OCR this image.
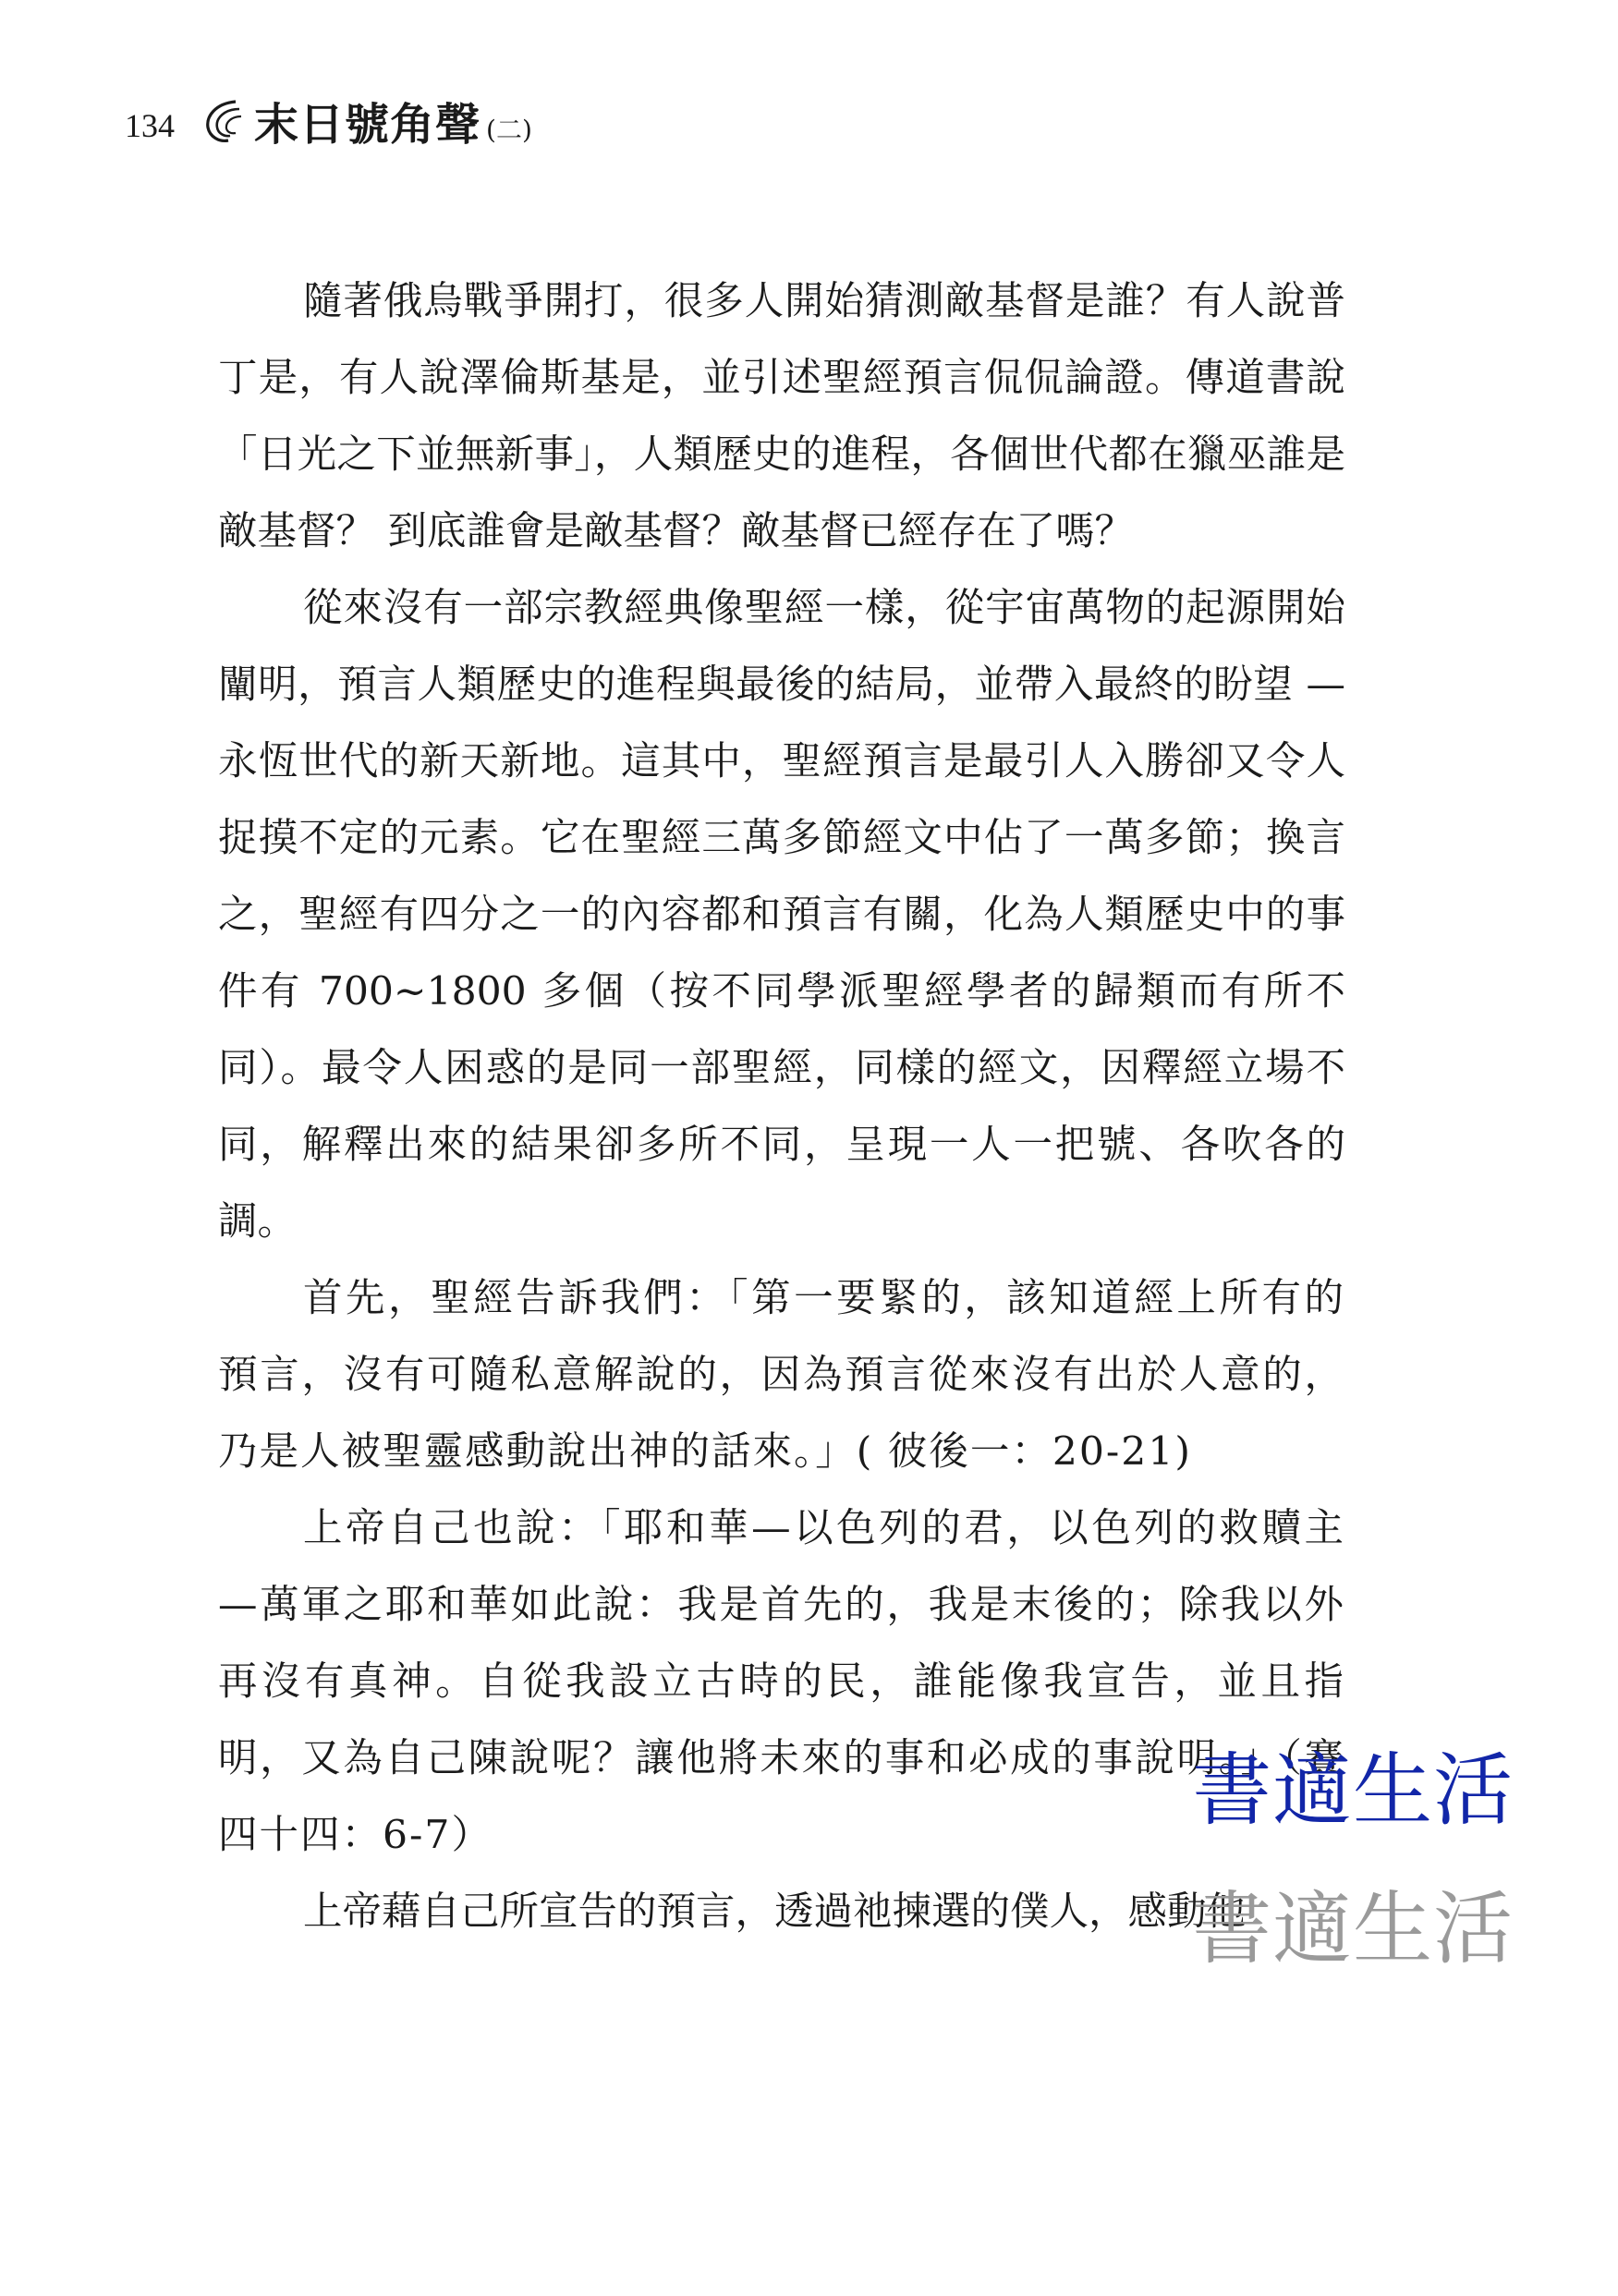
134 末日號角聲 (二)

隨著俄烏戰爭開打，很多人開始猜測敵基督是誰？有人說普丁是，有人說澤倫斯基是，並引述聖經預言侃侃論證。傳道書說「日光之下並無新事」，人類歷史的進程，各個世代都在獵巫誰是敵基督？ 到底誰會是敵基督？敵基督已經存在了嗎？

從來沒有一部宗教經典像聖經一樣，從宇宙萬物的起源開始闡明，預言人類歷史的進程與最後的結局，並帶入最終的盼望 — 永恆世代的新天新地。這其中，聖經預言是最引人入勝卻又令人捉摸不定的元素。它在聖經三萬多節經文中佔了一萬多節；換言之，聖經有四分之一的內容都和預言有關，化為人類歷史中的事件有 700~1800 多個（按不同學派聖經學者的歸類而有所不同）。最令人困惑的是同一部聖經，同樣的經文，因釋經立場不同，解釋出來的結果卻多所不同，呈現一人一把號、各吹各的調。

首先，聖經告訴我們：「第一要緊的，該知道經上所有的預言，沒有可隨私意解說的，因為預言從來沒有出於人意的，乃是人被聖靈感動說出神的話來。」( 彼後一：20-21)

上帝自己也說：「耶和華—以色列的君，以色列的救贖主—萬軍之耶和華如此說：我是首先的，我是末後的；除我以外再沒有真神。自從我設立古時的民，誰能像我宣告，並且指明，又為自己陳說呢？讓他將未來的事和必成的事說明。」（賽四十四：6-7）

上帝藉自己所宣告的預言，透過祂揀選的僕人，感動他

書適生活
書適生活
